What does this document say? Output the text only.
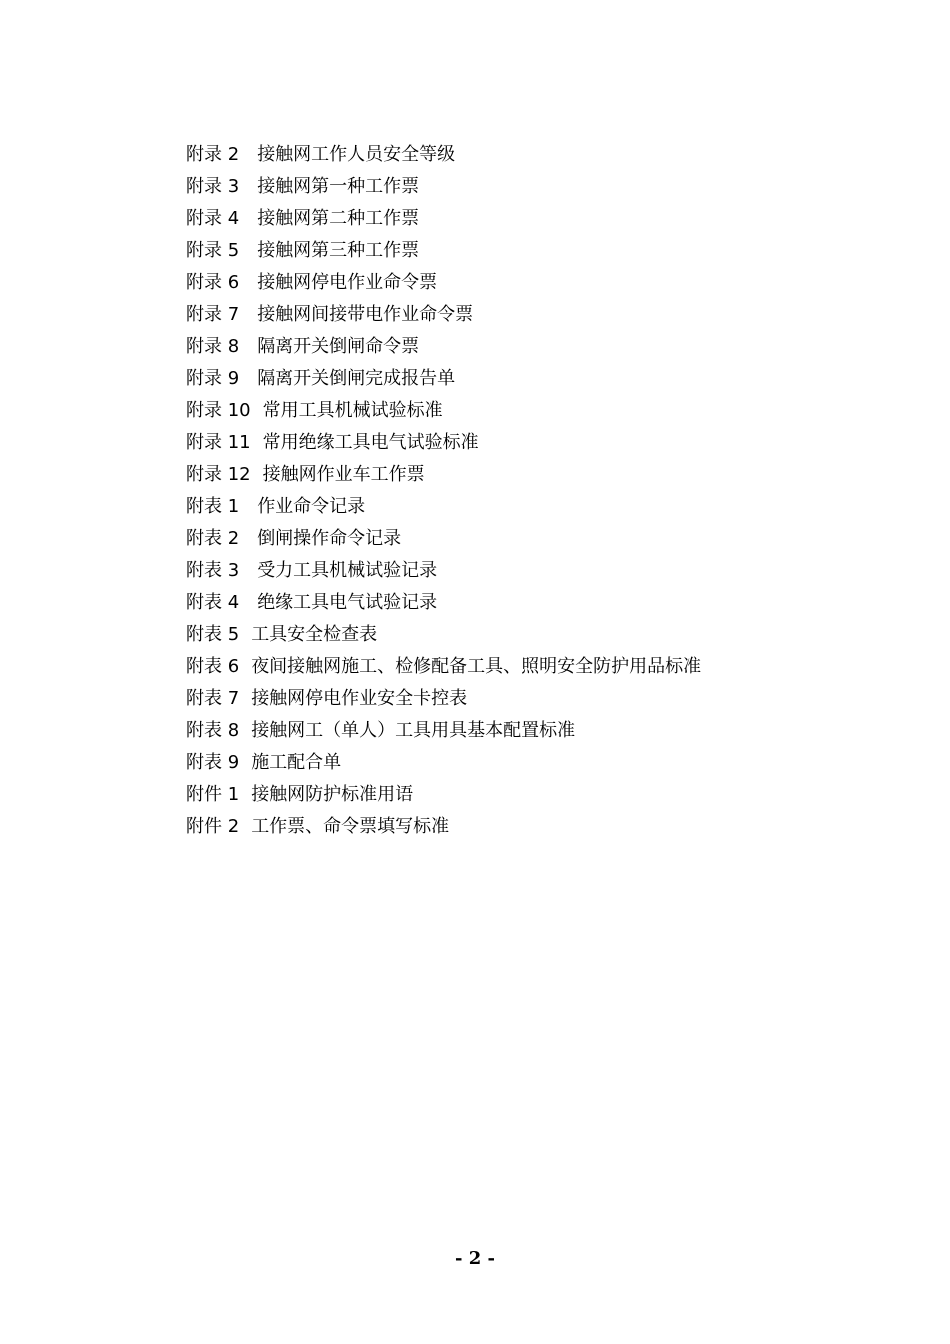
附录 2 接触网工作人员安全等级
附录 3 接触网第一种工作票
附录 4 接触网第二种工作票
附录 5 接触网第三种工作票
附录 6 接触网停电作业命令票
附录 7 接触网间接带电作业命令票
附录 8 隔离开关倒闸命令票
附录 9 隔离开关倒闸完成报告单
附录 10 常用工具机械试验标准
附录 11 常用绝缘工具电气试验标准
附录 12 接触网作业车工作票
附表 1 作业命令记录
附表 2 倒闸操作命令记录
附表 3 受力工具机械试验记录
附表 4 绝缘工具电气试验记录
附表 5 工具安全检查表
附表 6 夜间接触网施工、检修配备工具、照明安全防护用品标准
附表 7 接触网停电作业安全卡控表
附表 8 接触网工（单人）工具用具基本配置标准
附表 9 施工配合单
附件 1 接触网防护标准用语
附件 2 工作票、命令票填写标准
- 2 -
